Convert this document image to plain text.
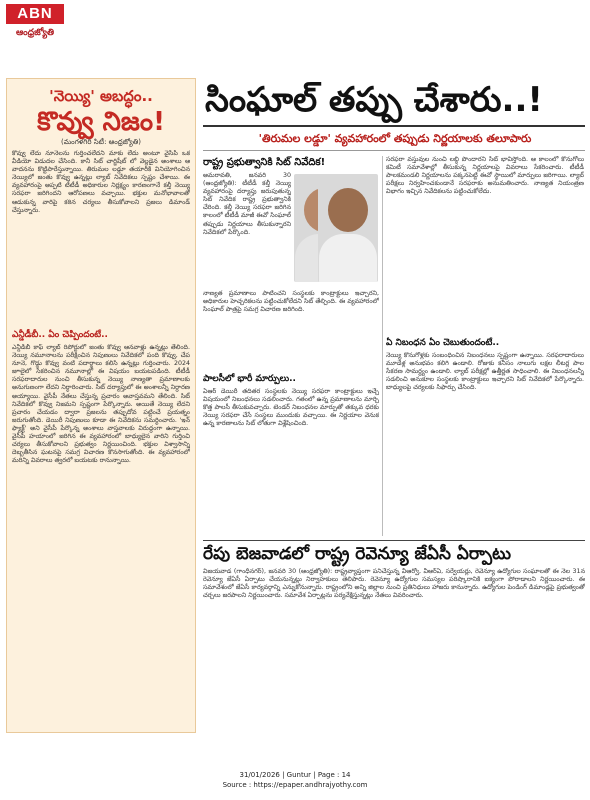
ABN
ఆంధ్రజ్యోతి
'నెయ్యి' అబద్ధం..
కొవ్వు నిజం!
(మంగళగిరి సిటీ: ఆంధ్రజ్యోతి)
కొవ్వు లేదు నూనెలను గుర్తించలేదని మాకు లేదు అంటూ వైసీపీ ఒక వీడియో విడుదల చేసింది. కానీ సిట్ చార్జిషీట్ లో వెల్లడైన అంశాలు ఆ వాదనను కొట్టిపారేస్తున్నాయి. తిరుమల లడ్డూ తయారీకి వినియోగించిన నెయ్యిలో జంతు కొవ్వు ఉన్నట్లు ల్యాబ్ నివేదికలు స్పష్టం చేశాయి. ఈ వ్యవహారంపై అప్పటి టీటీడీ అధికారుల నిర్లక్ష్యం కారణంగానే కల్తీ నెయ్యి సరఫరా జరిగిందని ఆరోపణలు వచ్చాయి. భక్తుల మనోభావాలతో ఆడుకున్న వారిపై కఠిన చర్యలు తీసుకోవాలని ప్రజలు డిమాండ్ చేస్తున్నారు.
ఎన్డీడీబీ.. ఏం చెప్పిందంటే..
ఎన్డీడీబీ కాఫ్ ల్యాబ్ రిపోర్టులో జంతు కొవ్వు ఆనవాళ్లు ఉన్నట్లు తేలింది. నెయ్యి నమూనాలను పరీక్షించిన నిపుణులు నివేదికలో పంది కొవ్వు, చేప నూనె, గొడ్డు కొవ్వు వంటి పదార్థాలు కలిసి ఉన్నట్లు గుర్తించారు. 2024 జూలైలో సేకరించిన నమూనాల్లో ఈ విషయం బయటపడింది. టీటీడీ సరఫరాదారుల నుంచి తీసుకున్న నెయ్యి నాణ్యతా ప్రమాణాలకు అనుగుణంగా లేదని నిర్ధారించారు. సిట్ దర్యాప్తులో ఈ అంశాలన్నీ నిర్ధారణ అయ్యాయి. వైసీపీ నేతలు చేస్తున్న ప్రచారం అవాస్తవమని తేలింది. సిట్ నివేదికలో కొవ్వు నిజమని స్పష్టంగా పేర్కొన్నారు. అయితే నెయ్యి లేదని ప్రచారం చేయడం ద్వారా ప్రజలను తప్పుదోవ పట్టించే ప్రయత్నం జరుగుతోంది. డెయిరీ నిపుణులు కూడా ఈ నివేదికను సమర్థించారు. 'ఇన్ ఫ్యాక్ట్' అని వైసీపీ పేర్కొన్న అంశాలు వాస్తవాలకు విరుద్ధంగా ఉన్నాయి. వైసీపీ హయాంలో జరిగిన ఈ వ్యవహారంలో బాధ్యులైన వారిని గుర్తించి చర్యలు తీసుకోవాలని ప్రభుత్వం నిర్ణయించింది. భక్తుల విశ్వాసాన్ని దెబ్బతీసిన ఘటనపై సమగ్ర విచారణ కొనసాగుతోంది. ఈ వ్యవహారంలో మరిన్ని వివరాలు త్వరలో బయటకు రానున్నాయి.
సింఘాల్ తప్పు చేశారు..!
'తిరుమల లడ్డూ' వ్యవహారంలో తప్పుడు నిర్ణయాలకు తలూపారు
రాష్ట్ర ప్రభుత్వానికి సిట్ నివేదిక!
అమరావతి, జనవరి 30 (ఆంధ్రజ్యోతి): టీటీడీ కల్తీ నెయ్యి వ్యవహారంపై దర్యాప్తు జరుపుతున్న సిట్ నివేదిక రాష్ట్ర ప్రభుత్వానికి చేరింది. కల్తీ నెయ్యి సరఫరా జరిగిన కాలంలో టీటీడీ మాజీ ఈవో సింఘాల్ తప్పుడు నిర్ణయాలు తీసుకున్నారని నివేదికలో పేర్కొంది.
నాణ్యత ప్రమాణాలు పాటించని సంస్థలకు కాంట్రాక్టులు ఇచ్చారని, అధికారుల హెచ్చరికలను పట్టించుకోలేదని సిట్ తేల్చింది. ఈ వ్యవహారంలో సింఘాల్ పాత్రపై సమగ్ర విచారణ జరిగింది.
పాలసీలో భారీ మార్పులు..
ఏఆర్ డెయిరీ తదితర సంస్థలకు నెయ్యి సరఫరా కాంట్రాక్టులు ఇచ్చే విషయంలో నిబంధనలు సడలించారు. గతంలో ఉన్న ప్రమాణాలను మార్చి కొత్త పాలసీ తీసుకువచ్చారు. టెండర్ నిబంధనల మార్పుతో తక్కువ ధరకు నెయ్యి సరఫరా చేసే సంస్థలు ముందుకు వచ్చాయి. ఈ నిర్ణయాల వెనుక ఉన్న కారణాలను సిట్ లోతుగా విశ్లేషించింది.
సరఫరా వస్తువుల నుంచి లబ్ధి పొందారని సిట్ భావిస్తోంది. ఆ కాలంలో కొనుగోలు కమిటీ సమావేశాల్లో తీసుకున్న నిర్ణయాలపై వివరాలు సేకరించారు. టీటీడీ పాలకమండలి నిర్ణయాలను పక్కనపెట్టి ఈవో స్థాయిలో మార్పులు జరిగాయి. ల్యాబ్ పరీక్షలు నిర్వహించకుండానే సరఫరాకు అనుమతించారు. నాణ్యత నియంత్రణ విభాగం ఇచ్చిన నివేదికలను పట్టించుకోలేదు.
ఏ నిబంధన ఏం చెబుతుందంటే..
నెయ్యి కొనుగోళ్లకు సంబంధించిన నిబంధనలు స్పష్టంగా ఉన్నాయి. సరఫరాదారులు మూడేళ్ల అనుభవం కలిగి ఉండాలి. రోజుకు కనీసం నాలుగు లక్షల లీటర్ల పాల సేకరణ సామర్థ్యం ఉండాలి. ల్యాబ్ పరీక్షల్లో ఉత్తీర్ణత సాధించాలి. ఈ నిబంధనలన్నీ సడలించి అనుకూల సంస్థలకు కాంట్రాక్టులు ఇచ్చారని సిట్ నివేదికలో పేర్కొన్నారు. బాధ్యులపై చర్యలకు సిఫార్సు చేసింది.
రేపు బెజవాడలో రాష్ట్ర రెవెన్యూ జేఏసీ ఏర్పాటు
విజయవాడ (గాంధీనగర్), జనవరి 30 (ఆంధ్రజ్యోతి): రాష్ట్రవ్యాప్తంగా పనిచేస్తున్న వీఆర్వో, వీఆర్ఏ, సర్వేయర్లు, రెవెన్యూ ఉద్యోగుల సంఘాలతో ఈ నెల 31న రెవెన్యూ జేఏసీ ఏర్పాటు చేయనున్నట్లు నిర్వాహకులు తెలిపారు. రెవెన్యూ ఉద్యోగుల సమస్యల పరిష్కారానికి ఐక్యంగా పోరాడాలని నిర్ణయించారు. ఈ సమావేశంలో జేఏసీ కార్యవర్గాన్ని ఎన్నుకోనున్నారు. రాష్ట్రంలోని అన్ని జిల్లాల నుంచి ప్రతినిధులు హాజరు కానున్నారు. ఉద్యోగుల పెండింగ్ డిమాండ్లపై ప్రభుత్వంతో చర్చలు జరపాలని నిర్ణయించారు. సమావేశ ఏర్పాట్లను పర్యవేక్షిస్తున్నట్లు నేతలు వివరించారు.
31/01/2026 | Guntur | Page : 14
Source : https://epaper.andhrajyothy.com
